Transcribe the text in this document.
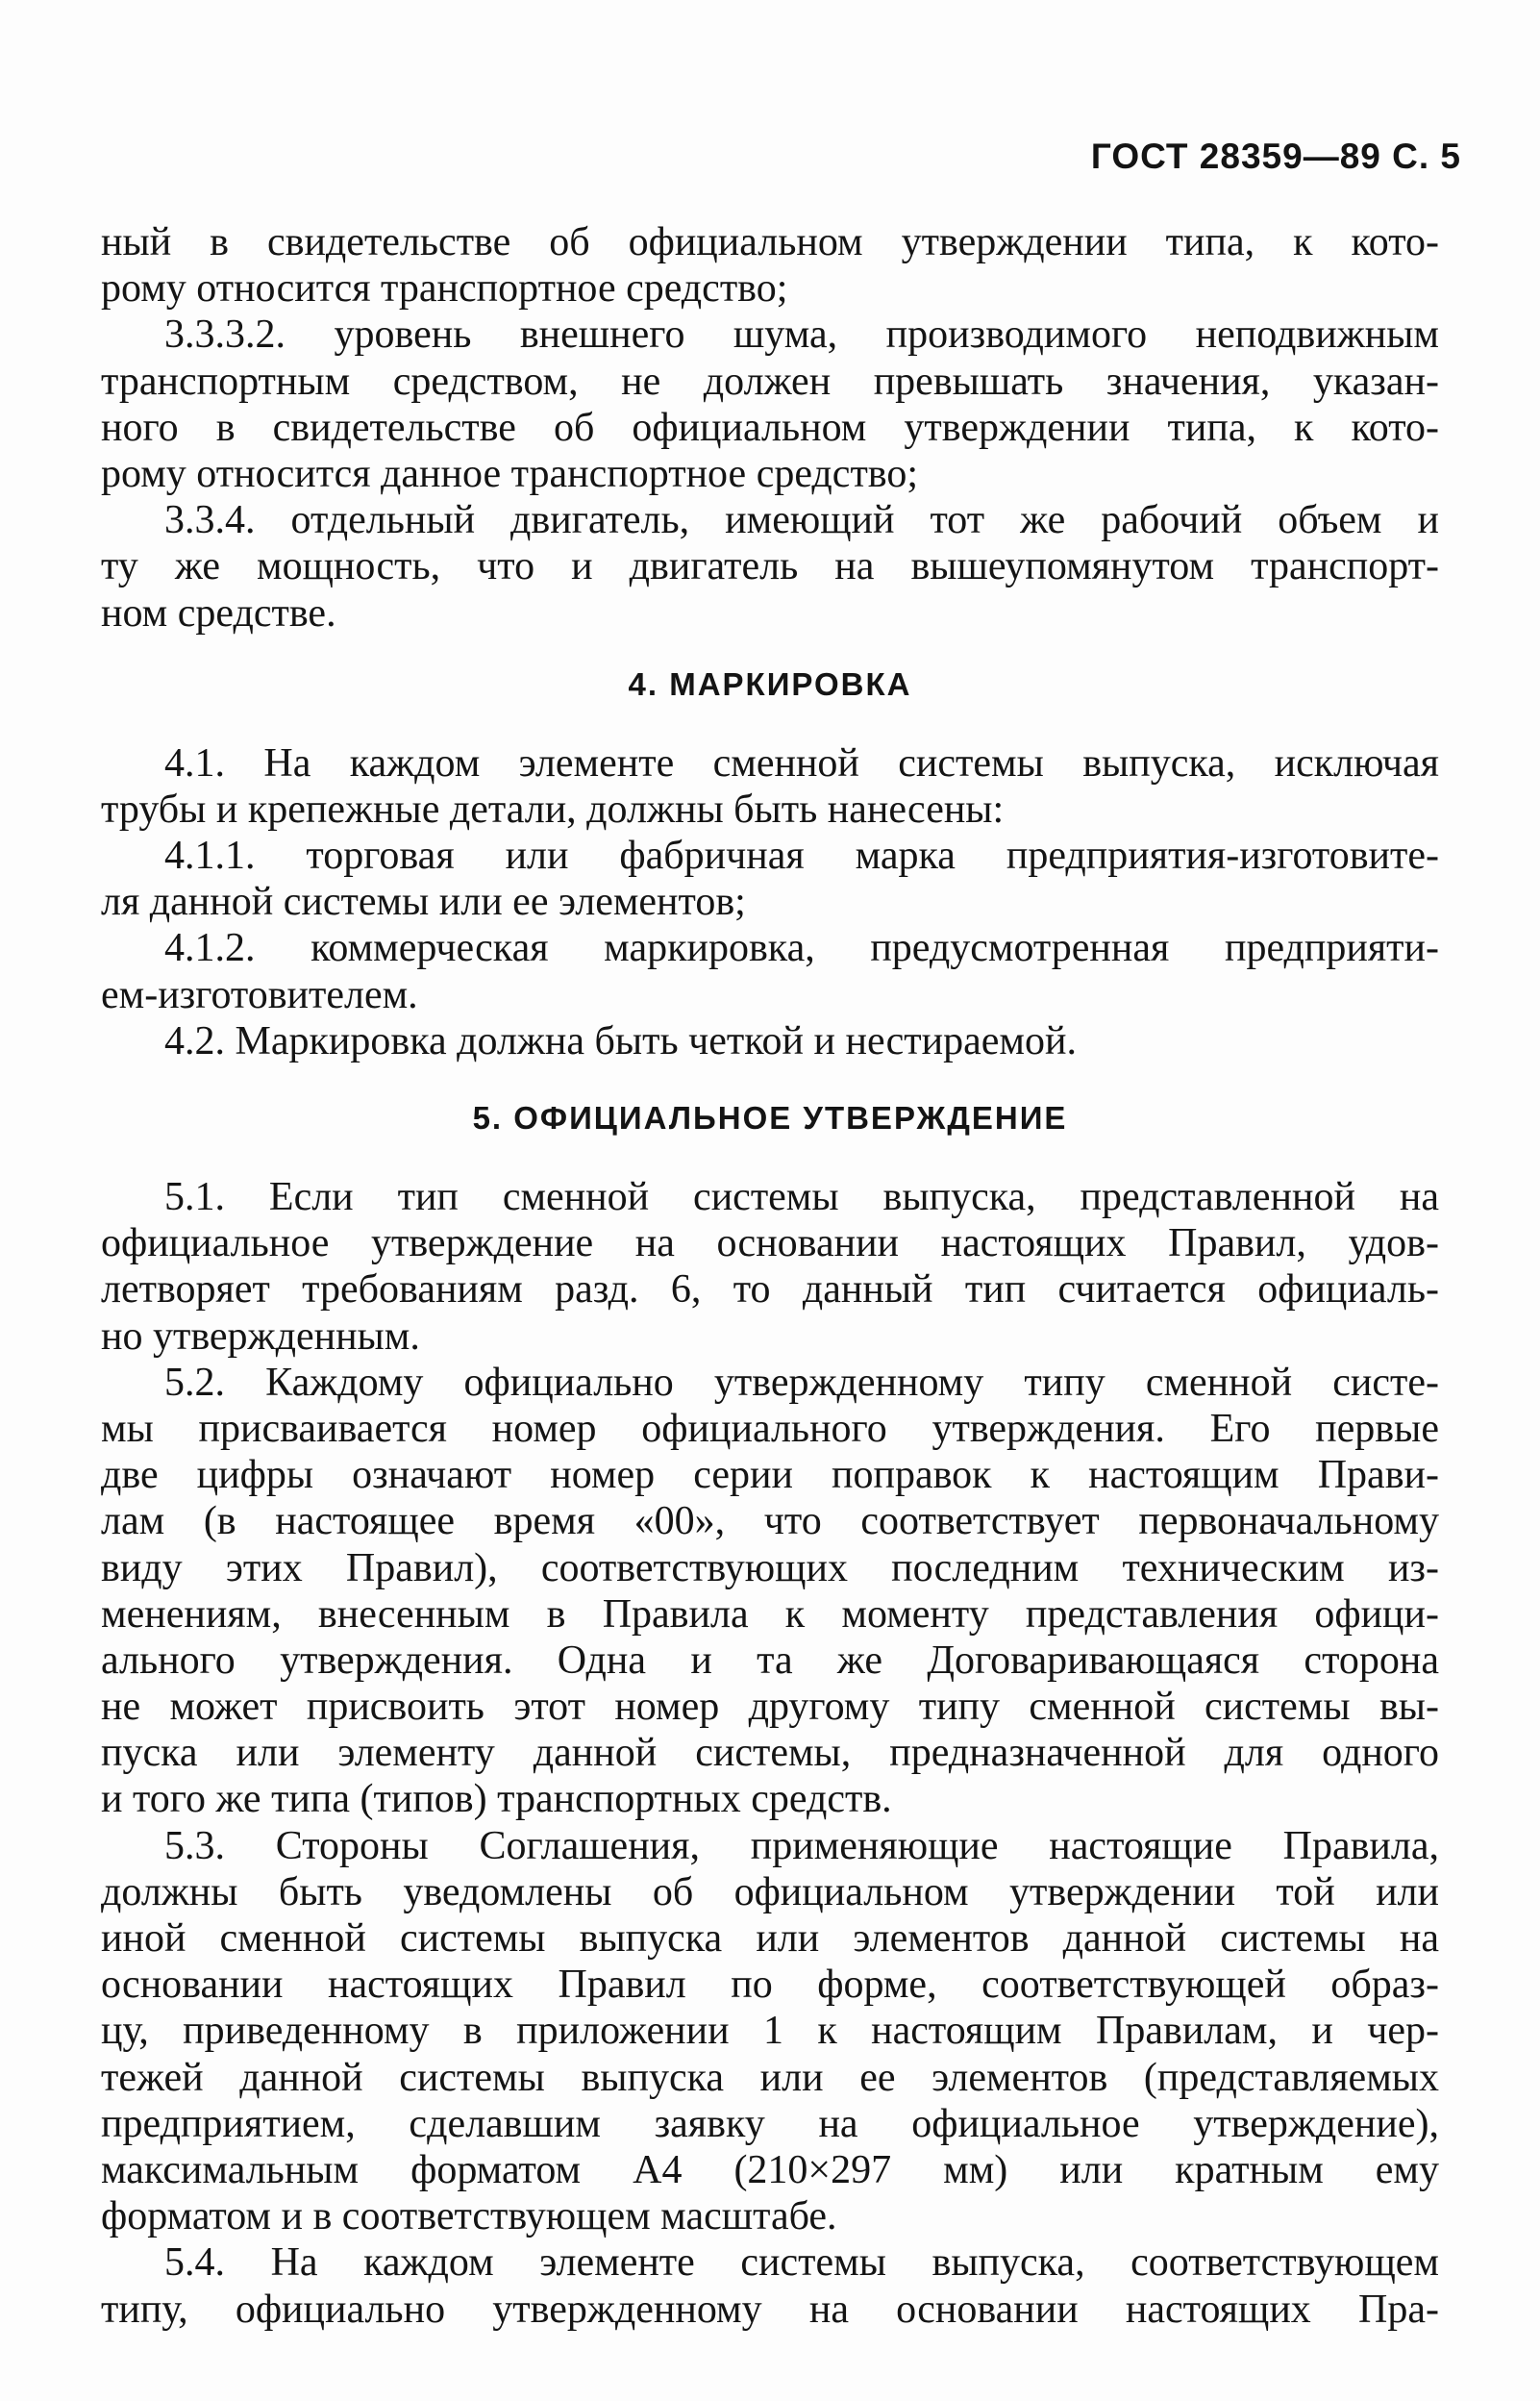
ГОСТ 28359—89 С. 5
ный в свидетельстве об официальном утверждении типа, к кото-
рому относится транспортное средство;
3.3.3.2. уровень внешнего шума, производимого неподвижным
транспортным средством, не должен превышать значения, указан-
ного в свидетельстве об официальном утверждении типа, к кото-
рому относится данное транспортное средство;
3.3.4. отдельный двигатель, имеющий тот же рабочий объем и
ту же мощность, что и двигатель на вышеупомянутом транспорт-
ном средстве.
4. МАРКИРОВКА
4.1. На каждом элементе сменной системы выпуска, исключая
трубы и крепежные детали, должны быть нанесены:
4.1.1. торговая или фабричная марка предприятия-изготовите-
ля данной системы или ее элементов;
4.1.2. коммерческая маркировка, предусмотренная предприяти-
ем-изготовителем.
4.2. Маркировка должна быть четкой и нестираемой.
5. ОФИЦИАЛЬНОЕ УТВЕРЖДЕНИЕ
5.1. Если тип сменной системы выпуска, представленной на
официальное утверждение на основании настоящих Правил, удов-
летворяет требованиям разд. 6, то данный тип считается официаль-
но утвержденным.
5.2. Каждому официально утвержденному типу сменной систе-
мы присваивается номер официального утверждения. Его первые
две цифры означают номер серии поправок к настоящим Прави-
лам (в настоящее время «00», что соответствует первоначальному
виду этих Правил), соответствующих последним техническим из-
менениям, внесенным в Правила к моменту представления офици-
ального утверждения. Одна и та же Договаривающаяся сторона
не может присвоить этот номер другому типу сменной системы вы-
пуска или элементу данной системы, предназначенной для одного
и того же типа (типов) транспортных средств.
5.3. Стороны Соглашения, применяющие настоящие Правила,
должны быть уведомлены об официальном утверждении той или
иной сменной системы выпуска или элементов данной системы на
основании настоящих Правил по форме, соответствующей образ-
цу, приведенному в приложении 1 к настоящим Правилам, и чер-
тежей данной системы выпуска или ее элементов (представляемых
предприятием, сделавшим заявку на официальное утверждение),
максимальным форматом А4 (210×297 мм) или кратным ему
форматом и в соответствующем масштабе.
5.4. На каждом элементе системы выпуска, соответствующем
типу, официально утвержденному на основании настоящих Пра-
